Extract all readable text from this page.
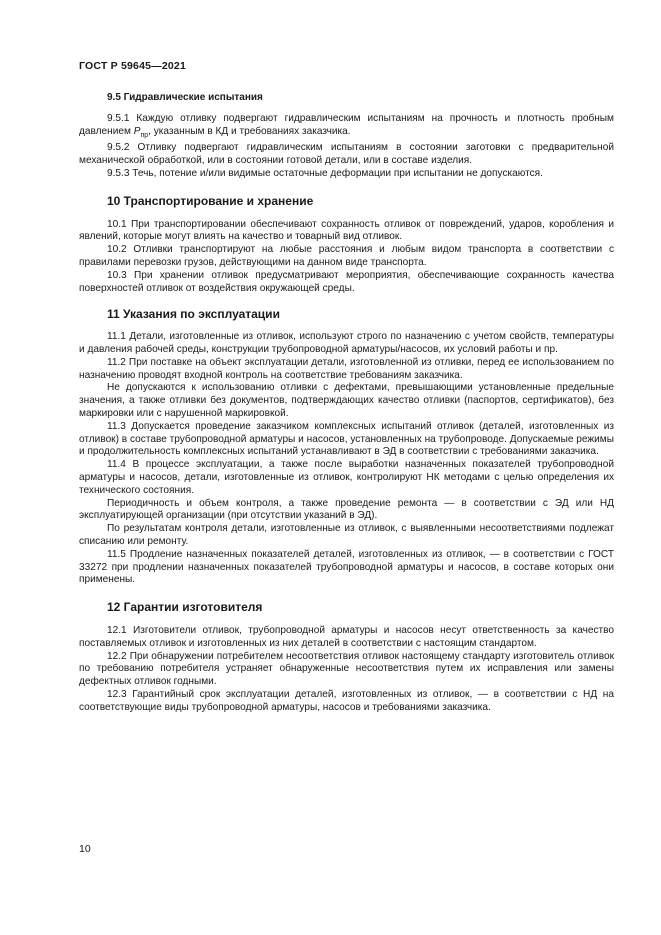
ГОСТ Р 59645—2021

9.5 Гидравлические испытания

9.5.1 Каждую отливку подвергают гидравлическим испытаниям на прочность и плотность пробным давлением $P_{пр}$, указанным в КД и требованиях заказчика.

9.5.2 Отливку подвергают гидравлическим испытаниям в состоянии заготовки с предварительной механической обработкой, или в состоянии готовой детали, или в составе изделия.

9.5.3 Течь, потение и/или видимые остаточные деформации при испытании не допускаются.

10 Транспортирование и хранение

10.1 При транспортировании обеспечивают сохранность отливок от повреждений, ударов, коробления и явлений, которые могут влиять на качество и товарный вид отливок.

10.2 Отливки транспортируют на любые расстояния и любым видом транспорта в соответствии с правилами перевозки грузов, действующими на данном виде транспорта.

10.3 При хранении отливок предусматривают мероприятия, обеспечивающие сохранность качества поверхностей отливок от воздействия окружающей среды.

11 Указания по эксплуатации

11.1 Детали, изготовленные из отливок, используют строго по назначению с учетом свойств, температуры и давления рабочей среды, конструкции трубопроводной арматуры/насосов, их условий работы и пр.

11.2 При поставке на объект эксплуатации детали, изготовленной из отливки, перед ее использованием по назначению проводят входной контроль на соответствие требованиям заказчика.

Не допускаются к использованию отливки с дефектами, превышающими установленные предельные значения, а также отливки без документов, подтверждающих качество отливки (паспортов, сертификатов), без маркировки или с нарушенной маркировкой.

11.3 Допускается проведение заказчиком комплексных испытаний отливок (деталей, изготовленных из отливок) в составе трубопроводной арматуры и насосов, установленных на трубопроводе. Допускаемые режимы и продолжительность комплексных испытаний устанавливают в ЭД в соответствии с требованиями заказчика.

11.4 В процессе эксплуатации, а также после выработки назначенных показателей трубопроводной арматуры и насосов, детали, изготовленные из отливок, контролируют НК методами с целью определения их технического состояния.

Периодичность и объем контроля, а также проведение ремонта — в соответствии с ЭД или НД эксплуатирующей организации (при отсутствии указаний в ЭД).

По результатам контроля детали, изготовленные из отливок, с выявленными несоответствиями подлежат списанию или ремонту.

11.5 Продление назначенных показателей деталей, изготовленных из отливок, — в соответствии с ГОСТ 33272 при продлении назначенных показателей трубопроводной арматуры и насосов, в составе которых они применены.

12 Гарантии изготовителя

12.1 Изготовители отливок, трубопроводной арматуры и насосов несут ответственность за качество поставляемых отливок и изготовленных из них деталей в соответствии с настоящим стандартом.

12.2 При обнаружении потребителем несоответствия отливок настоящему стандарту изготовитель отливок по требованию потребителя устраняет обнаруженные несоответствия путем их исправления или замены дефектных отливок годными.

12.3 Гарантийный срок эксплуатации деталей, изготовленных из отливок, — в соответствии с НД на соответствующие виды трубопроводной арматуры, насосов и требованиями заказчика.

10
